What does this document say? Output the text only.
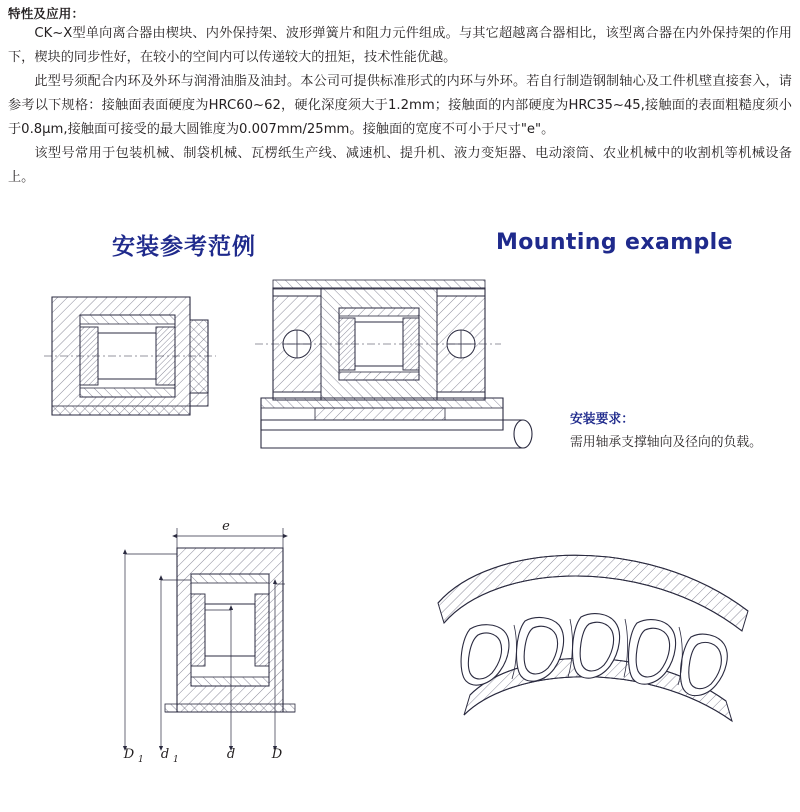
特性及应用：

CK~X型单向离合器由楔块、内外保持架、波形弹簧片和阻力元件组成。与其它超越离合器相比，该型离合器在内外保持架的作用下，楔块的同步性好，在较小的空间内可以传递较大的扭矩，技术性能优越。

此型号须配合内环及外环与润滑油脂及油封。本公司可提供标准形式的内环与外环。若自行制造钢制轴心及工件机壁直接套入，请参考以下规格：接触面表面硬度为HRC60~62，硬化深度须大于1.2mm；接触面的内部硬度为HRC35~45,接触面的表面粗糙度须小于0.8μm,接触面可接受的最大圆锥度为0.007mm/25mm。接触面的宽度不可小于尺寸"e"。

该型号常用于包装机械、制袋机械、瓦楞纸生产线、减速机、提升机、液力变矩器、电动滚筒、农业机械中的收割机等机械设备上。

安装参考范例	Mounting example
e
D 1 d 1	d	D
安装要求：
需用轴承支撑轴向及径向的负载。
